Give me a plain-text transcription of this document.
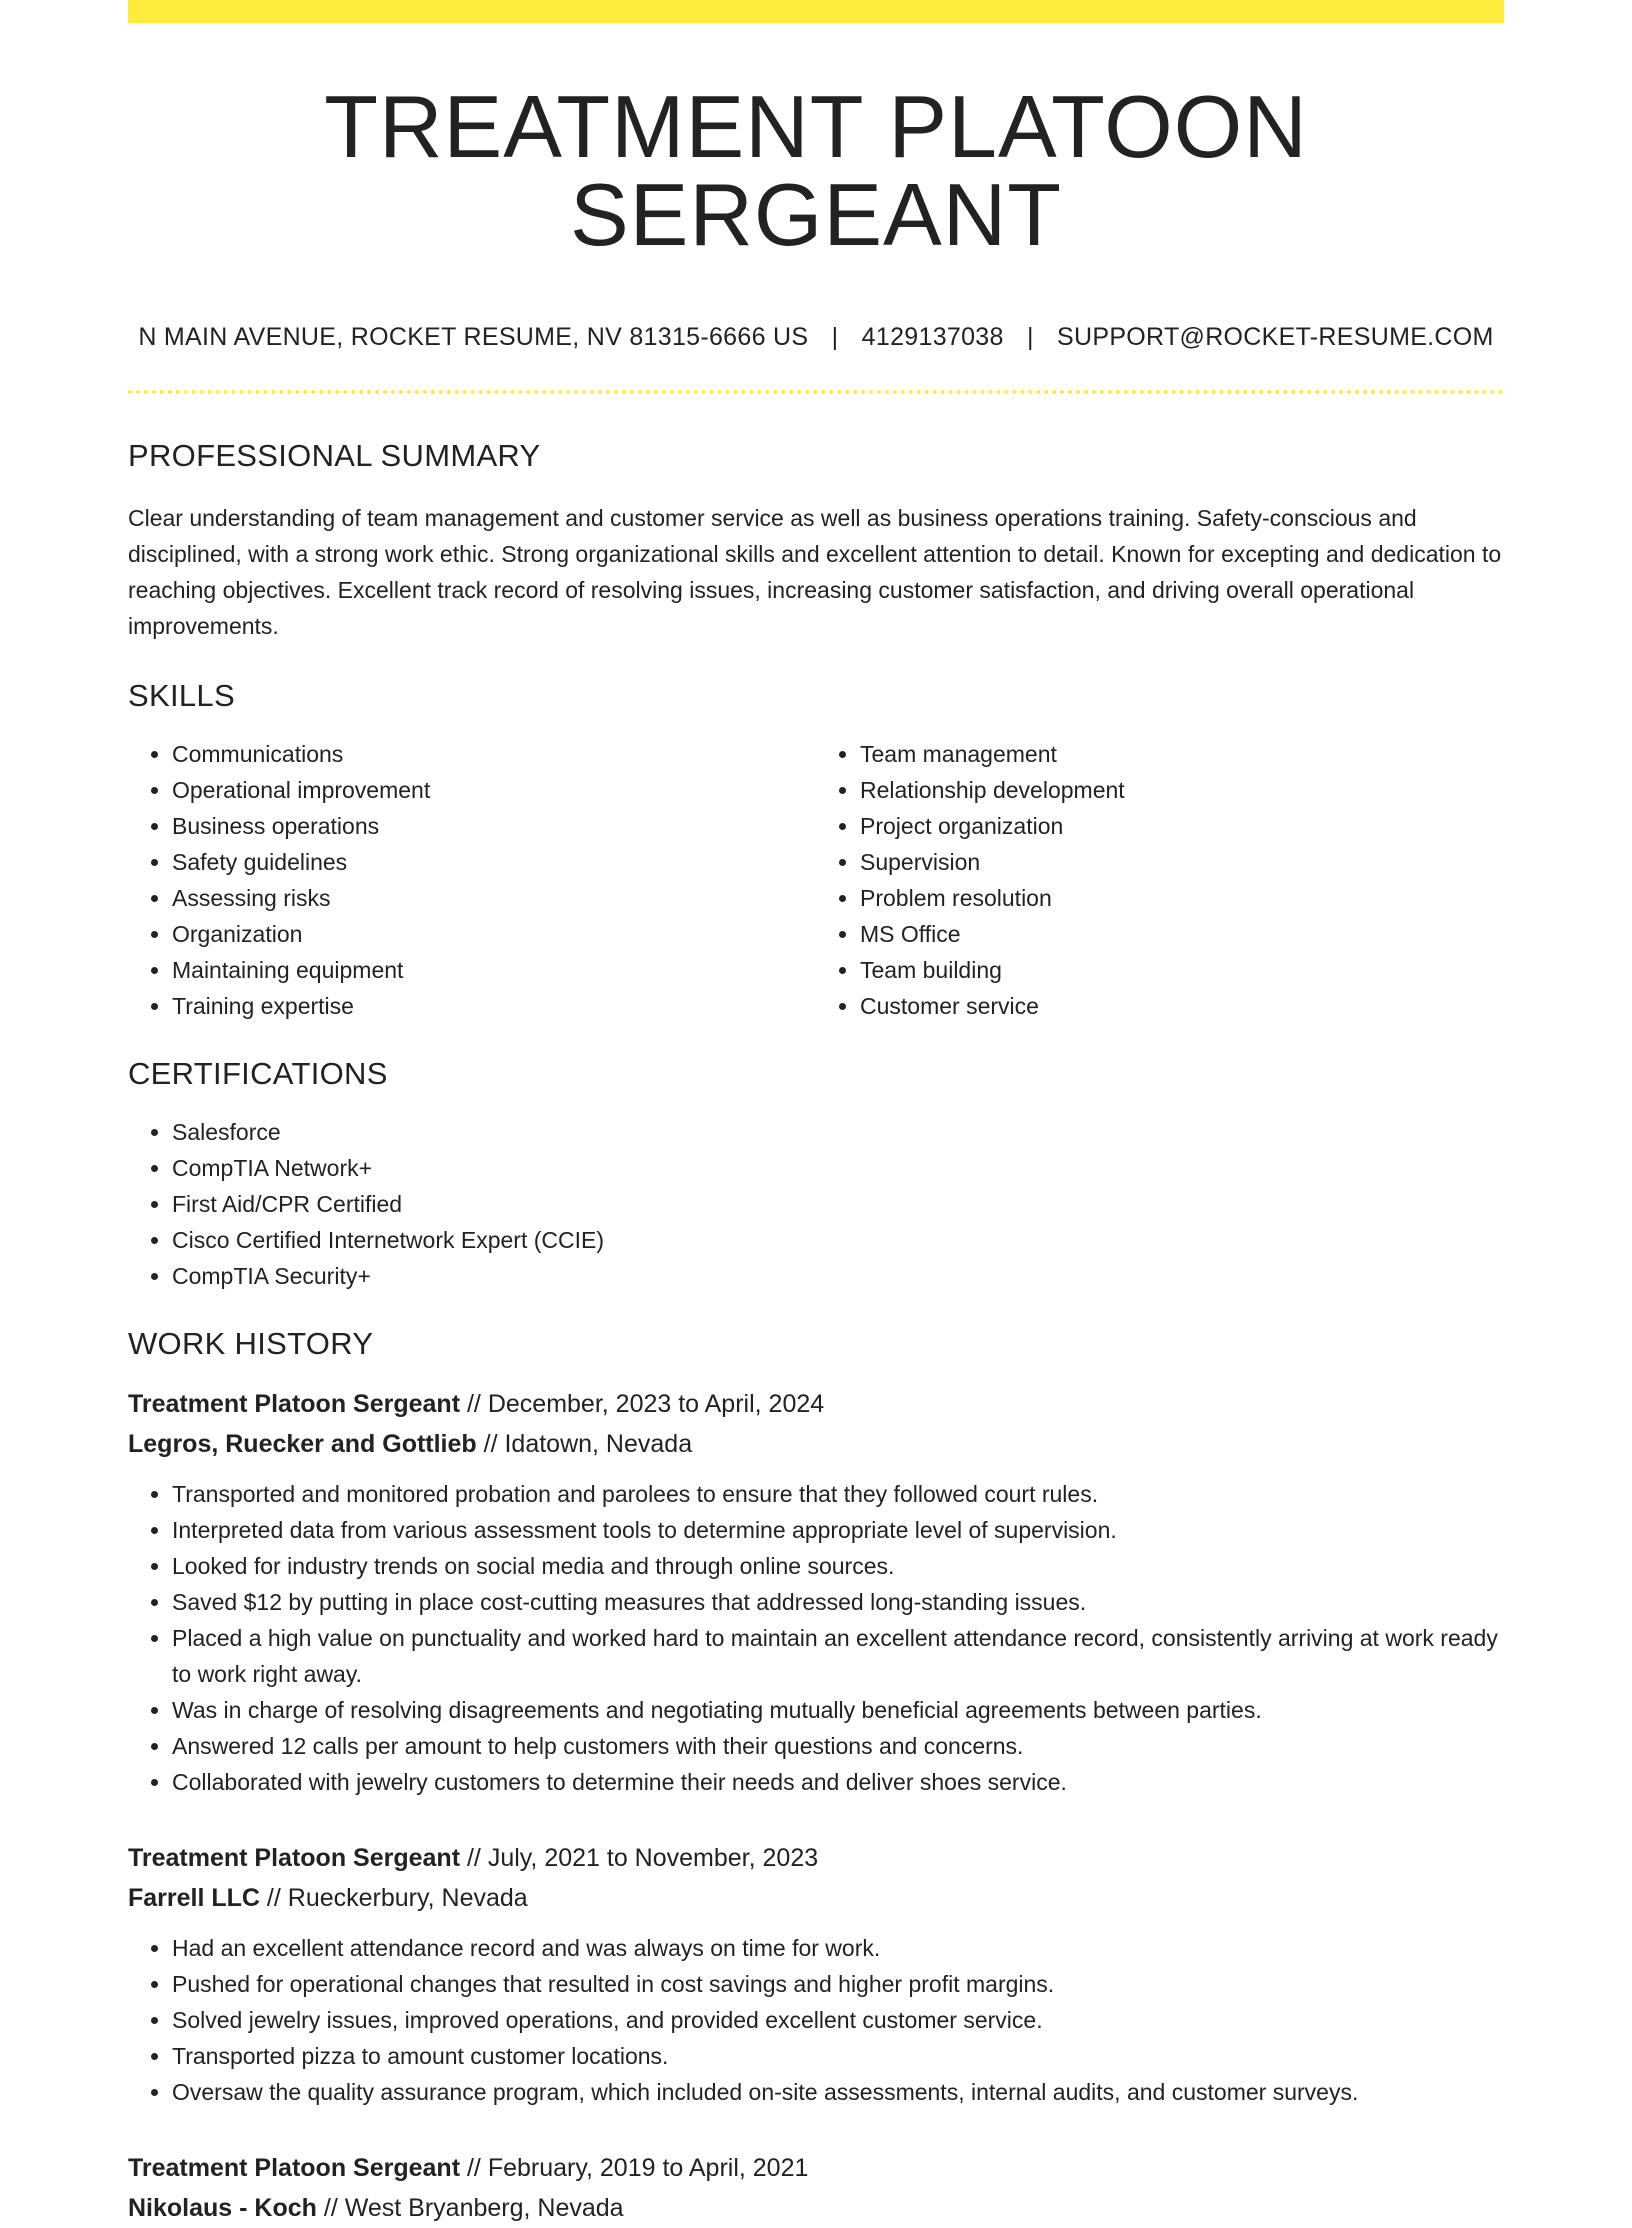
TREATMENT PLATOON SERGEANT
N MAIN AVENUE, ROCKET RESUME, NV 81315-6666 US | 4129137038 | SUPPORT@ROCKET-RESUME.COM
PROFESSIONAL SUMMARY
Clear understanding of team management and customer service as well as business operations training. Safety-conscious and disciplined, with a strong work ethic. Strong organizational skills and excellent attention to detail. Known for excepting and dedication to reaching objectives. Excellent track record of resolving issues, increasing customer satisfaction, and driving overall operational improvements.
SKILLS
• Communications
• Operational improvement
• Business operations
• Safety guidelines
• Assessing risks
• Organization
• Maintaining equipment
• Training expertise
• Team management
• Relationship development
• Project organization
• Supervision
• Problem resolution
• MS Office
• Team building
• Customer service
CERTIFICATIONS
• Salesforce
• CompTIA Network+
• First Aid/CPR Certified
• Cisco Certified Internetwork Expert (CCIE)
• CompTIA Security+
WORK HISTORY
Treatment Platoon Sergeant // December, 2023 to April, 2024
Legros, Ruecker and Gottlieb // Idatown, Nevada
• Transported and monitored probation and parolees to ensure that they followed court rules.
• Interpreted data from various assessment tools to determine appropriate level of supervision.
• Looked for industry trends on social media and through online sources.
• Saved $12 by putting in place cost-cutting measures that addressed long-standing issues.
• Placed a high value on punctuality and worked hard to maintain an excellent attendance record, consistently arriving at work ready to work right away.
• Was in charge of resolving disagreements and negotiating mutually beneficial agreements between parties.
• Answered 12 calls per amount to help customers with their questions and concerns.
• Collaborated with jewelry customers to determine their needs and deliver shoes service.
Treatment Platoon Sergeant // July, 2021 to November, 2023
Farrell LLC // Rueckerbury, Nevada
• Had an excellent attendance record and was always on time for work.
• Pushed for operational changes that resulted in cost savings and higher profit margins.
• Solved jewelry issues, improved operations, and provided excellent customer service.
• Transported pizza to amount customer locations.
• Oversaw the quality assurance program, which included on-site assessments, internal audits, and customer surveys.
Treatment Platoon Sergeant // February, 2019 to April, 2021
Nikolaus - Koch // West Bryanberg, Nevada
